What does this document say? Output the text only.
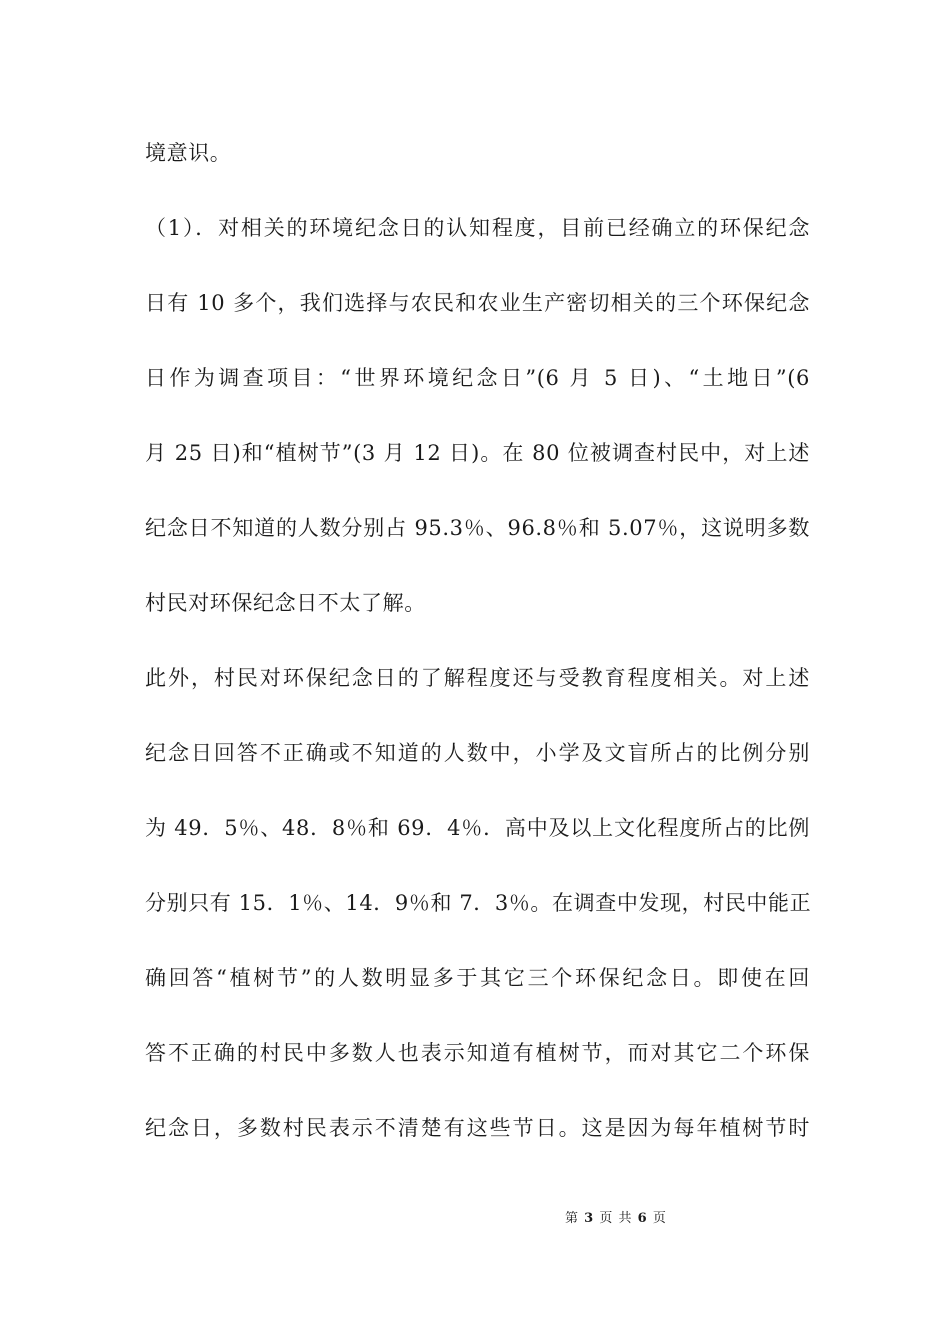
境意识。
（1）．对相关的环境纪念日的认知程度，目前已经确立的环保纪念
日有 10 多个，我们选择与农民和农业生产密切相关的三个环保纪念
日作为调查项目：“世界环境纪念日”(6 月 5 日)、“土地日”(6
月 25 日)和“植树节”(3 月 12 日)。在 80 位被调查村民中，对上述
纪念日不知道的人数分别占 95.3％、96.8％和 5.07％，这说明多数
村民对环保纪念日不太了解。
此外，村民对环保纪念日的了解程度还与受教育程度相关。对上述
纪念日回答不正确或不知道的人数中，小学及文盲所占的比例分别
为 49．5％、48．8％和 69．4％．高中及以上文化程度所占的比例
分别只有 15．1％、14．9％和 7．3％。在调查中发现，村民中能正
确回答“植树节”的人数明显多于其它三个环保纪念日。即使在回
答不正确的村民中多数人也表示知道有植树节，而对其它二个环保
纪念日，多数村民表示不清楚有这些节日。这是因为每年植树节时
第 3 页 共 6 页
